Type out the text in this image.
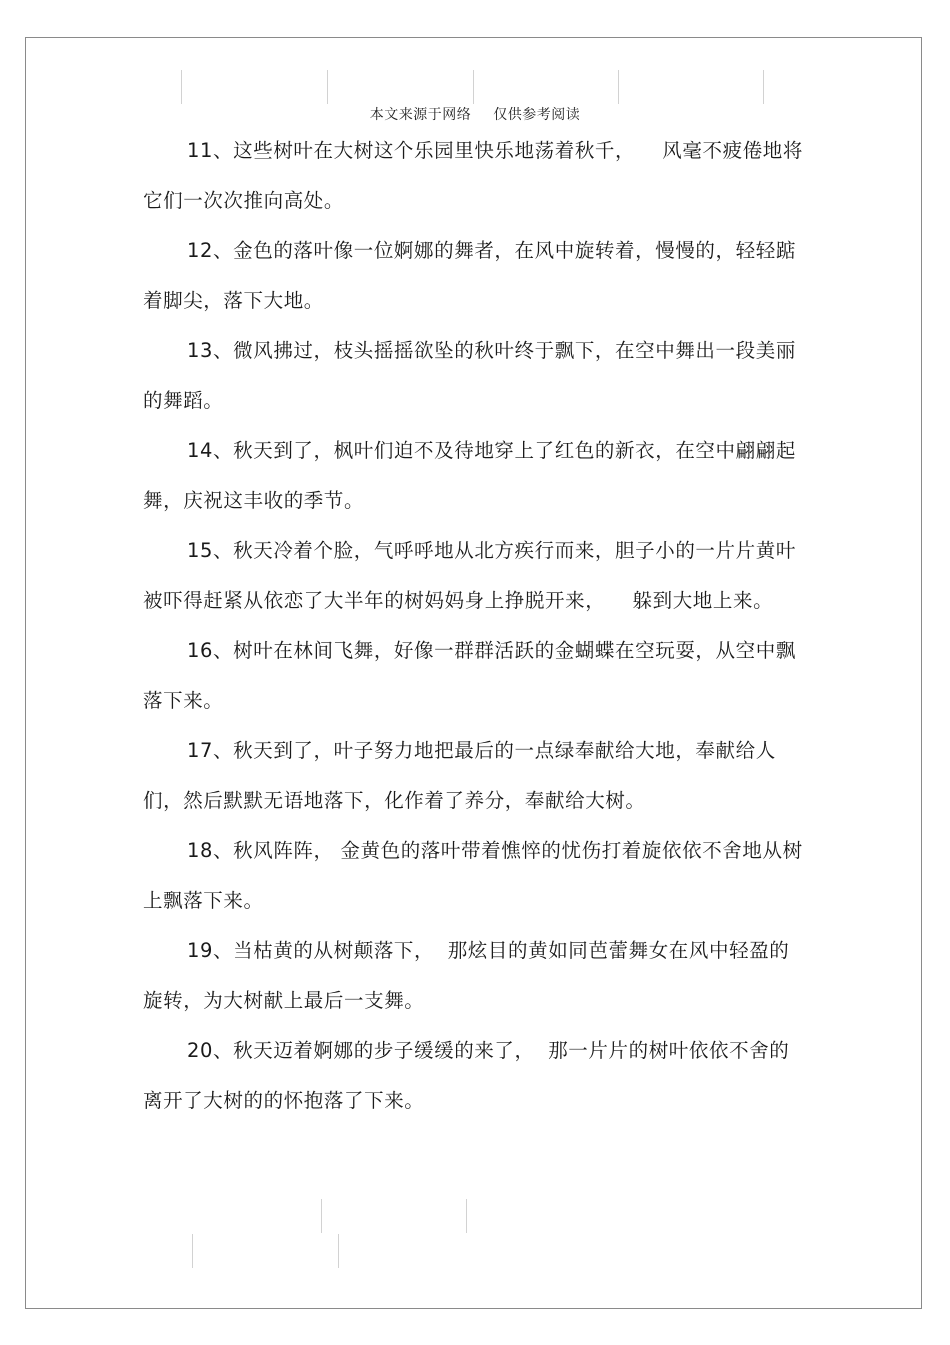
本文来源于网络 仅供参考阅读

11、这些树叶在大树这个乐园里快乐地荡着秋千，    风毫不疲倦地将它们一次次推向高处。

12、金色的落叶像一位婀娜的舞者，在风中旋转着，慢慢的，轻轻踮着脚尖，落下大地。

13、微风拂过，枝头摇摇欲坠的秋叶终于飘下，在空中舞出一段美丽的舞蹈。

14、秋天到了，枫叶们迫不及待地穿上了红色的新衣，在空中翩翩起舞，庆祝这丰收的季节。

15、秋天冷着个脸，气呼呼地从北方疾行而来，胆子小的一片片黄叶被吓得赶紧从依恋了大半年的树妈妈身上挣脱开来，    躲到大地上来。

16、树叶在林间飞舞，好像一群群活跃的金蝴蝶在空玩耍，从空中飘落下来。

17、秋天到了，叶子努力地把最后的一点绿奉献给大地，奉献给人们，然后默默无语地落下，化作着了养分，奉献给大树。

18、秋风阵阵， 金黄色的落叶带着憔悴的忧伤打着旋依依不舍地从树上飘落下来。

19、当枯黄的从树颠落下，  那炫目的黄如同芭蕾舞女在风中轻盈的旋转，为大树献上最后一支舞。

20、秋天迈着婀娜的步子缓缓的来了，  那一片片的树叶依依不舍的离开了大树的的怀抱落了下来。
